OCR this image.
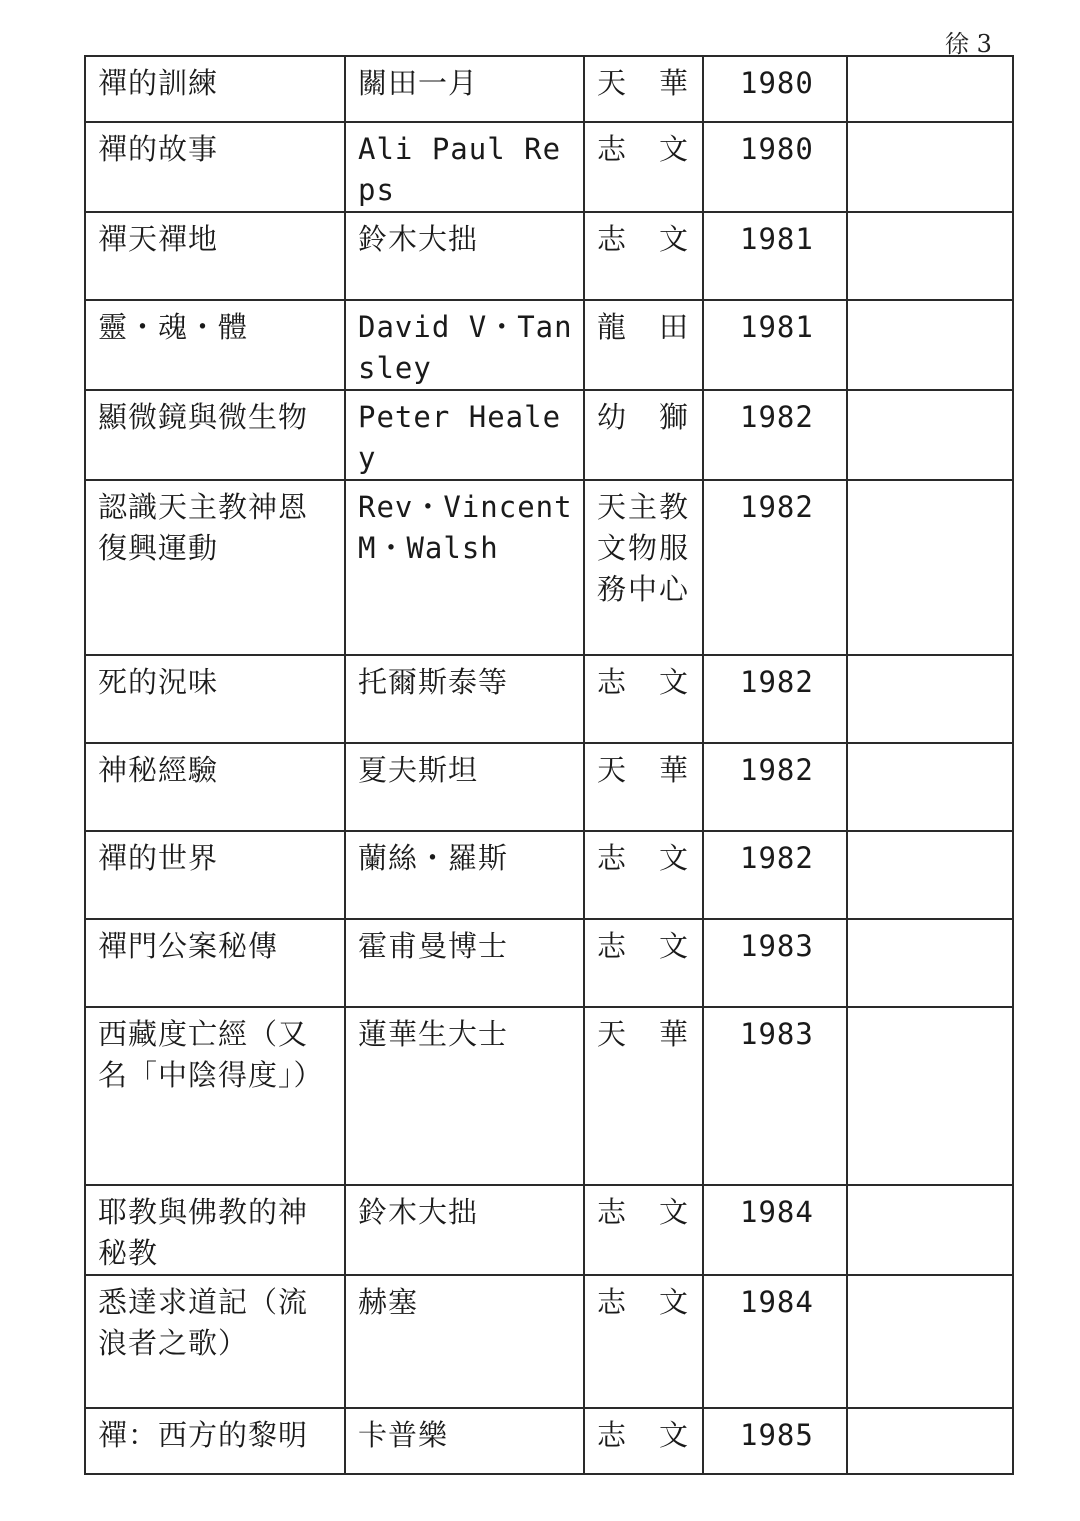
徐 3
禪的訓練	關田一月	天　華	1980	
禪的故事	Ali Paul Reps	志　文	1980	
禪天禪地	鈴木大拙	志　文	1981	
靈・魂・體	David V・Tansley	龍　田	1981	
顯微鏡與微生物	Peter Healey	幼　獅	1982	
認識天主教神恩復興運動	Rev・Vincent M・Walsh	天主教文物服務中心	1982	
死的況味	托爾斯泰等	志　文	1982	
神秘經驗	夏夫斯坦	天　華	1982	
禪的世界	蘭絲・羅斯	志　文	1982	
禪門公案秘傳	霍甫曼博士	志　文	1983	
西藏度亡經（又名「中陰得度」）	蓮華生大士	天　華	1983	
耶教與佛教的神秘教	鈴木大拙	志　文	1984	
悉達求道記（流浪者之歌）	赫塞	志　文	1984	
禪：西方的黎明	卡普樂	志　文	1985	
